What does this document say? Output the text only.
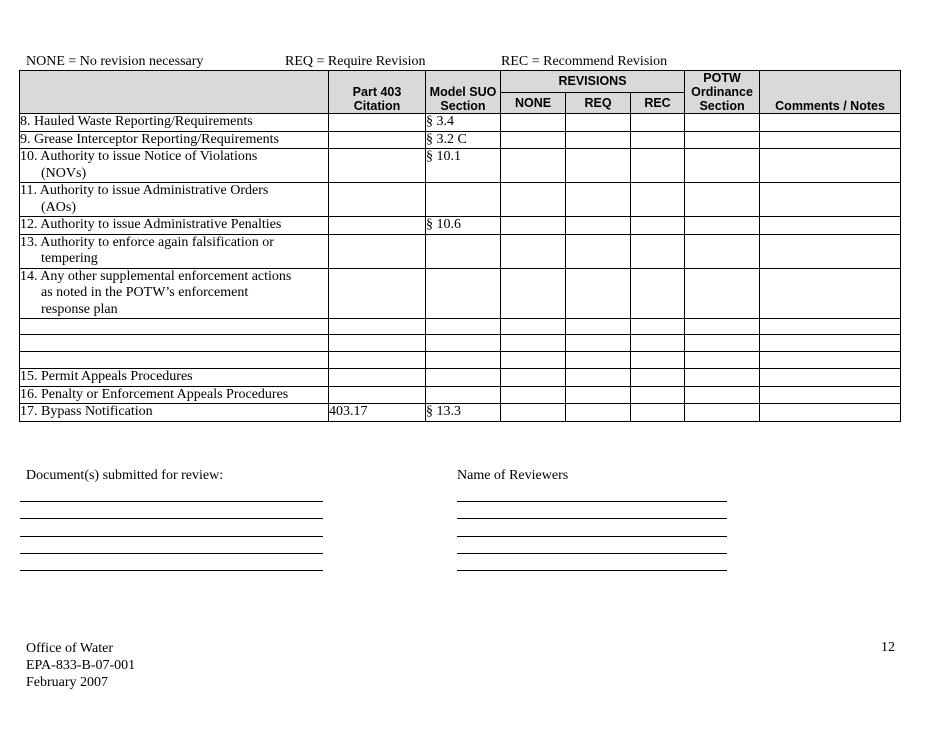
NONE = No revision necessary	REQ = Require Revision	REC = Recommend Revision
	Part 403 Citation	Model SUO Section	REVISIONS			POTW Ordinance Section	Comments / Notes
			NONE	REQ	REC		
8. Hauled Waste Reporting/Requirements		§ 3.4					
9. Grease Interceptor Reporting/Requirements		§ 3.2 C					
10. Authority to issue Notice of Violations
(NOVs)		§ 10.1					
11. Authority to issue Administrative Orders
(AOs)							

12. Authority to issue Administrative Penalties		§ 10.6					
13. Authority to enforce again falsification or
tempering							

14. Any other supplemental enforcement actions
as noted in the POTW’s enforcement
response plan							

15. Permit Appeals Procedures							
16. Penalty or Enforcement Appeals Procedures							
17. Bypass Notification	403.17	§ 13.3					
Document(s) submitted for review:	Name of Reviewers
Office of Water
EPA-833-B-07-001
February 2007
12
